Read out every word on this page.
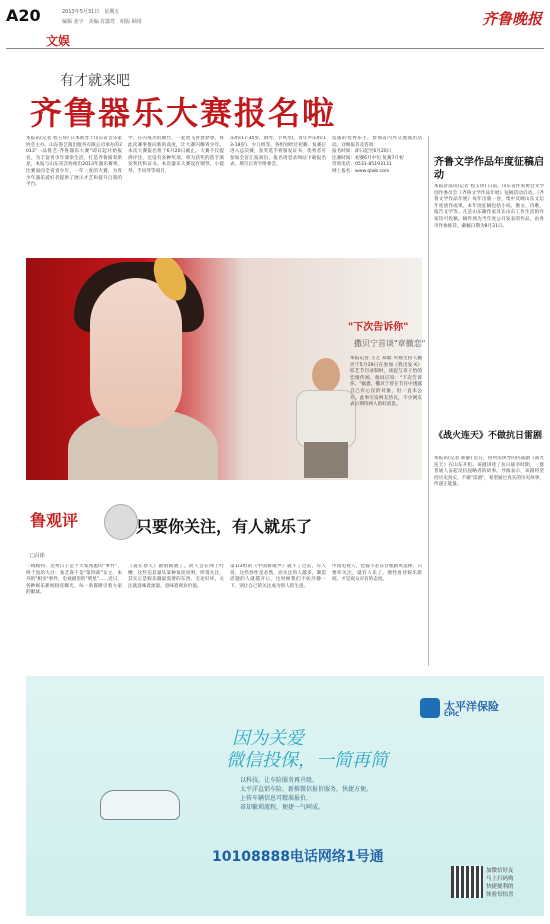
A20	2013年5月31日　星期五
编辑 张宇　美编 许露莺　组版 顾琦
文娱
齐鲁晚报
有才就来吧
齐鲁器乐大赛报名啦
本报讯(记者 程玉珍) 日本新晋于山东省音乐家协会主办、山东鲁艺演出服务有限公司承办的2013"一品鲁艺·齐鲁器乐大赛"即日起开始报名。为丰富青少年课余生活，打造齐鲁演奏新星，本报与山东省音协推出2013年器乐赛事，比赛面向全省青少年，一年一度的大赛，为青少年器乐爱好者提供了展示才艺和提升自我的平台。
学，在闪成功的舞台，一起放飞青春梦想，将此次赛事推向新的高度，让大赛闪耀青少年。本次大赛报名将于6月20日截止。大赛不仅提供评比，还设有多种奖项，将为获奖的选手颁发奖状和证书。本次器乐大赛设有钢琴、小提琴、手风琴等项目。
乐组(17-35岁，钢琴、手风琴)，青年声乐组(13-18岁)、少儿组等。各组别经过初赛、复赛后进入总决赛，获奖选手将颁发证书，优秀者可参加全省汇报演出。报名请登录网站下载报名表，填写后寄至组委会。
选拔的优秀乐手，参加省内外交流演出活动。详细报名及咨询：
报名时间：即日起至6月20日
比赛时间：初赛6月中旬 复赛7月初
咨询电话：0531-85193131
网上报名：www.qlwb.com
齐鲁文学作品年度征稿启动
本报济南讯(记者 程玉珍) 日前，山东省作家协会文学创作委员会《齐鲁文学作品年展》征稿活动启动。《齐鲁文学作品年展》每年出版一卷，集中反映山东文坛年度创作成果。本年度征稿包括小说、散文、诗歌、报告文学等。凡是山东籍作家及在山东工作生活的作家均可投稿。稿件须为当年度公开发表的作品，由各市作协推荐。截稿日期为8月31日。
"下次告诉你"
撒贝宁首谈"章撤恋"
本报记者 王艺 郑敏 央视主持人撒贝宁5月29日在参加《我出发·X》综艺节目录制时，谈起与章子怡的恋情传闻，他回应说："下次告诉你。"据悉，撒贝宁曾在节目中透露自己有心仪的对象，但一直未公开。此事引发网友热议，不少网友表示期待两人的好消息。
鲁观评
□吕徐
只要你关注，有人就乐了
一线模特、达秀日子是个大家熟悉的"事件"，终于真的大白：张艺谋不是"第四部"女主，朱丹的"相亲"事件，电视剧里的"明星"……近日，各种娱乐新闻接连曝光，每一条都吸引着大家的眼球。
《爱在春天》剧情揭晓了。同人会在网上吐槽，这些信息量从某种角度说明，所谓关注，其实正是娱乐圈最需要的东西。无论好坏，关注就意味着流量，意味着商业价值。
第1/3组的《中国新歌声》就不了过去，有人说，这些炒作是必然，而关注的人越多，制造话题的人就越开心。这时候我们不妨冷静一下，别让自己的关注成为别人的生意。
中国电视人，也都不必盲目地跟风追捧。只要你关注，就有人乐了。理性看待娱乐新闻，才是观众应有的态度。
《战火连天》不做抗日雷剧
本报讯(记者 郝静) 近日，由何雯执导的抗战剧《战火连天》在山东开机。该剧讲述了抗日战争时期，一群普通人奋起反抗侵略者的故事。导演表示，该剧将坚持历史真实，不做"雷剧"，希望通过真实的历史故事，传递正能量。
太平洋保险
CPIC
因为关爱
微信投保，一简再简
以科技，让车险服务再升级。
太平洋直销车险，新推微信报价服务，快捷方便。
上传车辆信息可精准报价，
省却繁琐流程，便捷一气呵成。
10108888电话网络1号通
加微信好友
马上扫码购
快捷便利的
体验每惊喜
